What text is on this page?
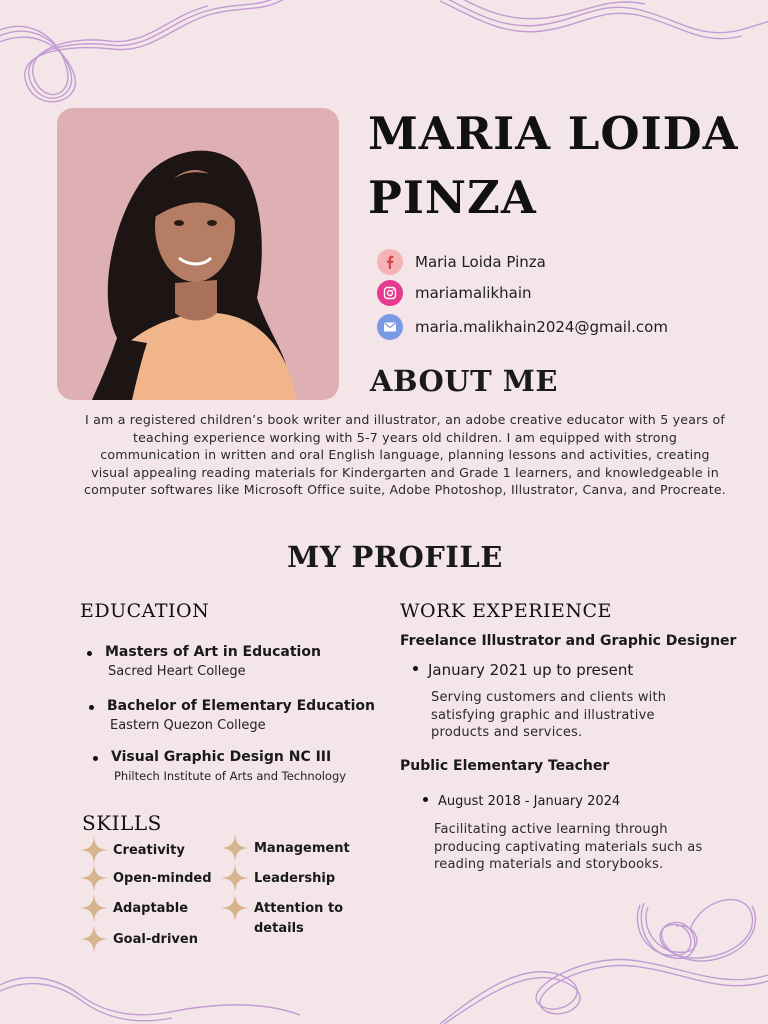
MARIA LOIDA
PINZA
Maria Loida Pinza
mariamalikhain
maria.malikhain2024@gmail.com
ABOUT ME
I am a registered children’s book writer and illustrator, an adobe creative educator with 5 years of teaching experience working with 5-7 years old children. I am equipped with strong communication in written and oral English language, planning lessons and activities, creating visual appealing reading materials for Kindergarten and Grade 1 learners, and knowledgeable in computer softwares like Microsoft Office suite, Adobe Photoshop, Illustrator, Canva, and Procreate.
MY PROFILE
EDUCATION
Masters of Art in Education
Sacred Heart College
Bachelor of Elementary Education
Eastern Quezon College
Visual Graphic Design NC III
Philtech Institute of Arts and Technology
WORK EXPERIENCE
Freelance Illustrator and Graphic Designer
January 2021 up to present
Serving customers and clients with satisfying graphic and illustrative products and services.
Public Elementary Teacher
August 2018 - January 2024
Facilitating active learning through producing captivating materials such as reading materials and storybooks.
SKILLS
Creativity
Open-minded
Adaptable
Goal-driven
Management
Leadership
Attention to details
